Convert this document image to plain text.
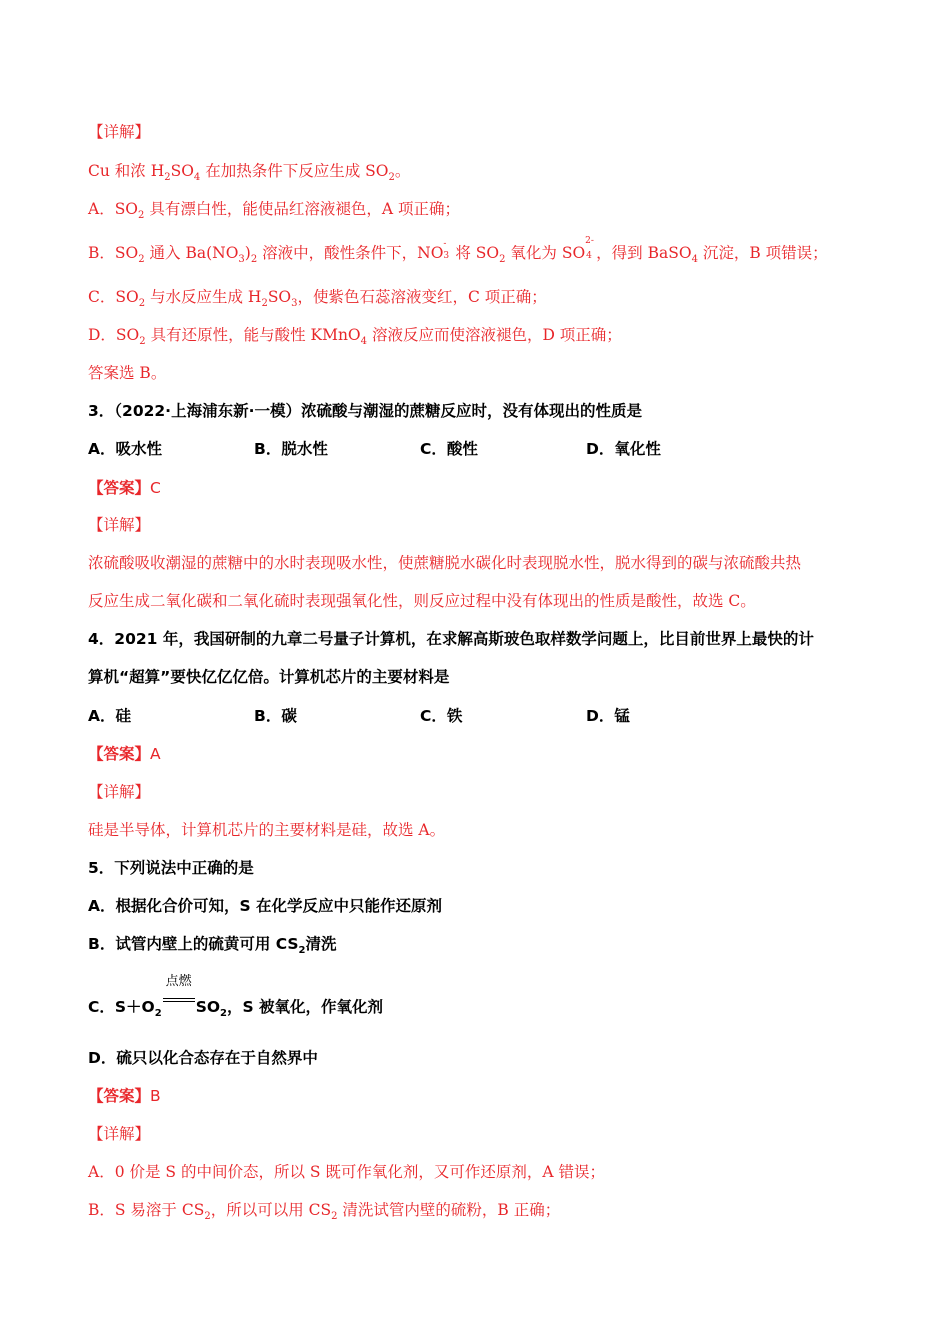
【详解】
Cu 和浓 $H_2SO_4$ 在加热条件下反应生成 $SO_2$。
A．$SO_2$ 具有漂白性，能使品红溶液褪色，A 项正确；
B．$SO_2$ 通入 $Ba(NO_3)_2$ 溶液中，酸性条件下，NO -
3 将 $SO_2$ 氧化为 SO
2-
4 ，得到 BaSO$_4$ 沉淀，B 项错误；
C．$SO_2$ 与水反应生成 $H_2SO_3$，使紫色石蕊溶液变红，C 项正确；
D．$SO_2$ 具有还原性，能与酸性 KMnO$_4$ 溶液反应而使溶液褪色，D 项正确；
答案选 B。
3．（2022·上海浦东新·一模）浓硫酸与潮湿的蔗糖反应时，没有体现出的性质是
A．吸水性	B．脱水性	C．酸性	D．氧化性
【答案】C
【详解】
浓硫酸吸收潮湿的蔗糖中的水时表现吸水性，使蔗糖脱水碳化时表现脱水性，脱水得到的碳与浓硫酸共热
反应生成二氧化碳和二氧化硫时表现强氧化性，则反应过程中没有体现出的性质是酸性，故选 C。
4．2021 年，我国研制的九章二号量子计算机，在求解高斯玻色取样数学问题上，比目前世界上最快的计
算机“超算”要快亿亿亿倍。计算机芯片的主要材料是
A．硅	B．碳	C．铁	D．锰
【答案】A
【详解】
硅是半导体，计算机芯片的主要材料是硅，故选 A。
5．下列说法中正确的是
A．根据化合价可知，S 在化学反应中只能作还原剂
B．试管内壁上的硫黄可用 $CS_2$清洗
C．$S+O_2$
点燃
$SO_2$，S 被氧化，作氧化剂
D．硫只以化合态存在于自然界中
【答案】B
【详解】
A．0 价是 S 的中间价态，所以 S 既可作氧化剂，又可作还原剂，A 错误；
B．S 易溶于 $CS_2$，所以可以用 $CS_2$ 清洗试管内壁的硫粉，B 正确；
